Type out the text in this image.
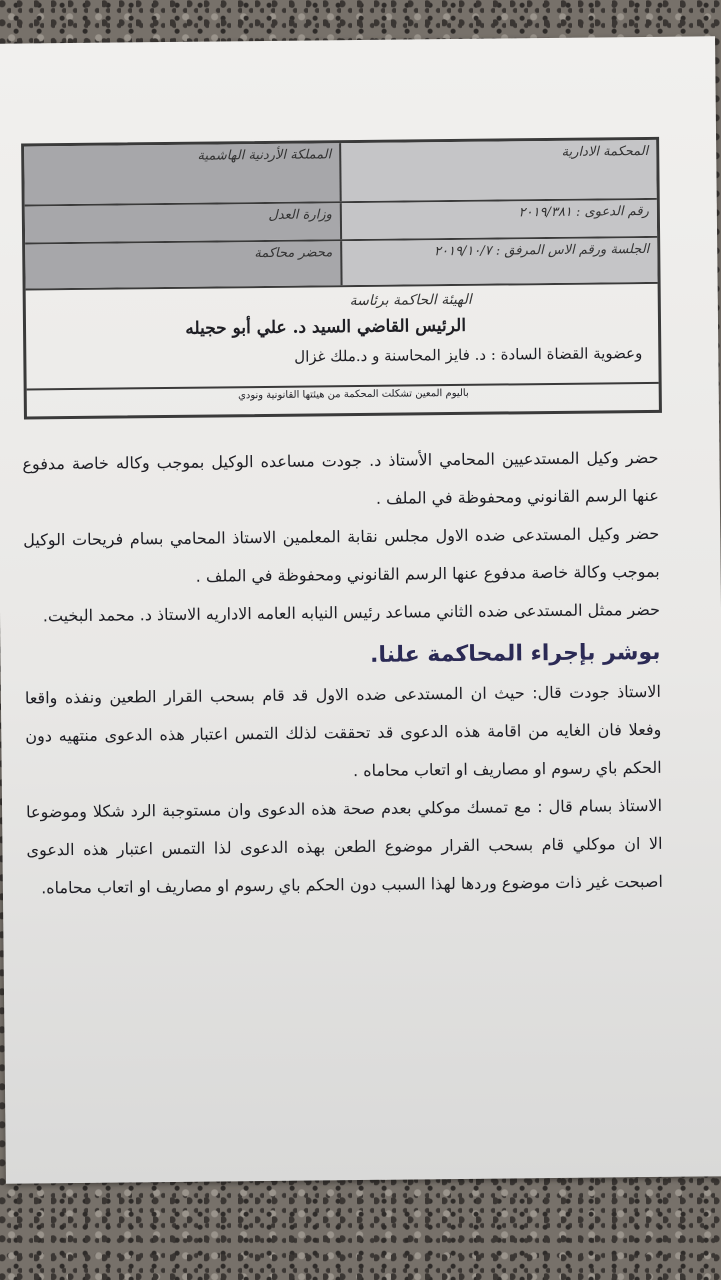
المحكمة الادارية
المملكة الأردنية الهاشمية
رقم الدعوى : ٢٠١٩/٣٨١
وزارة العدل
الجلسة ورقم الاس المرفق : ٢٠١٩/١٠/٧
محضر محاكمة
الهيئة الحاكمة برئاسة
الرئيس القاضي السيد د. علي أبو حجيله
وعضوية القضاة السادة : د. فايز المحاسنة و د.ملك غزال
باليوم المعين تشكلت المحكمة من هيئتها القانونية ونودي

حضر وكيل المستدعيين المحامي الأستاذ د. جودت مساعده الوكيل بموجب وكاله خاصة مدفوع عنها الرسم القانوني ومحفوظة في الملف .

حضر وكيل المستدعى ضده الاول مجلس نقابة المعلمين الاستاذ المحامي بسام فريحات الوكيل بموجب وكالة خاصة مدفوع عنها الرسم القانوني ومحفوظة في الملف .

حضر ممثل المستدعى ضده الثاني مساعد رئيس النيابه العامه الاداريه الاستاذ د. محمد البخيت.

بوشر بإجراء المحاكمة علنا.

الاستاذ جودت قال: حيث ان المستدعى ضده الاول قد قام بسحب القرار الطعين ونفذه واقعا وفعلا فان الغايه من اقامة هذه الدعوى قد تحققت لذلك التمس اعتبار هذه الدعوى منتهيه دون الحكم باي رسوم او مصاريف او اتعاب محاماه .

الاستاذ بسام قال : مع تمسك موكلي بعدم صحة هذه الدعوى وان مستوجبة الرد شكلا وموضوعا الا ان موكلي قام بسحب القرار موضوع الطعن بهذه الدعوى لذا التمس اعتبار هذه الدعوى اصبحت غير ذات موضوع وردها لهذا السبب دون الحكم باي رسوم او مصاريف او اتعاب محاماه.
